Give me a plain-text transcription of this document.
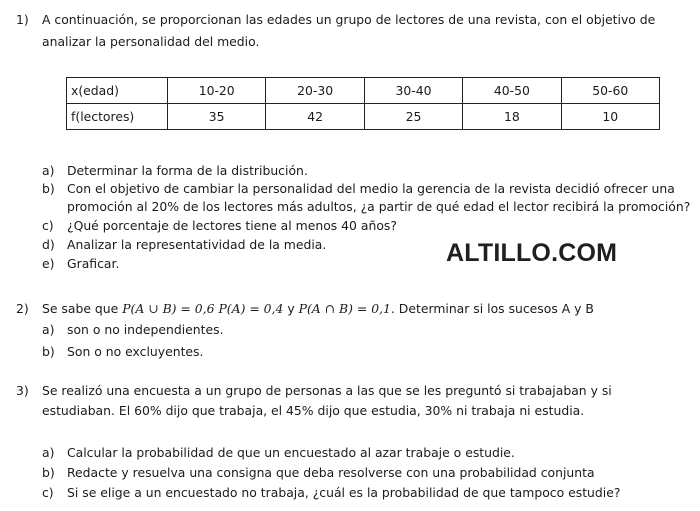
1) A continuación, se proporcionan las edades un grupo de lectores de una revista, con el objetivo de
analizar la personalidad del medio.
x(edad)	10-20	20-30	30-40	40-50	50-60
f(lectores)	35	42	25	18	10
a) Determinar la forma de la distribución.
b) Con el objetivo de cambiar la personalidad del medio la gerencia de la revista decidió ofrecer una
promoción al 20% de los lectores más adultos, ¿a partir de qué edad el lector recibirá la promoción?
c) ¿Qué porcentaje de lectores tiene al menos 40 años?
d) Analizar la representatividad de la media.
e) Graficar.	ALTILLO.COM
2) Se sabe que P(A ∪ B) = 0,6 P(A) = 0,4 y P(A ∩ B) = 0,1. Determinar si los sucesos A y B
a) son o no independientes.
b) Son o no excluyentes.
3) Se realizó una encuesta a un grupo de personas a las que se les preguntó si trabajaban y si
estudiaban. El 60% dijo que trabaja, el 45% dijo que estudia, 30% ni trabaja ni estudia.
a) Calcular la probabilidad de que un encuestado al azar trabaje o estudie.
b) Redacte y resuelva una consigna que deba resolverse con una probabilidad conjunta
c) Si se elige a un encuestado no trabaja, ¿cuál es la probabilidad de que tampoco estudie?
